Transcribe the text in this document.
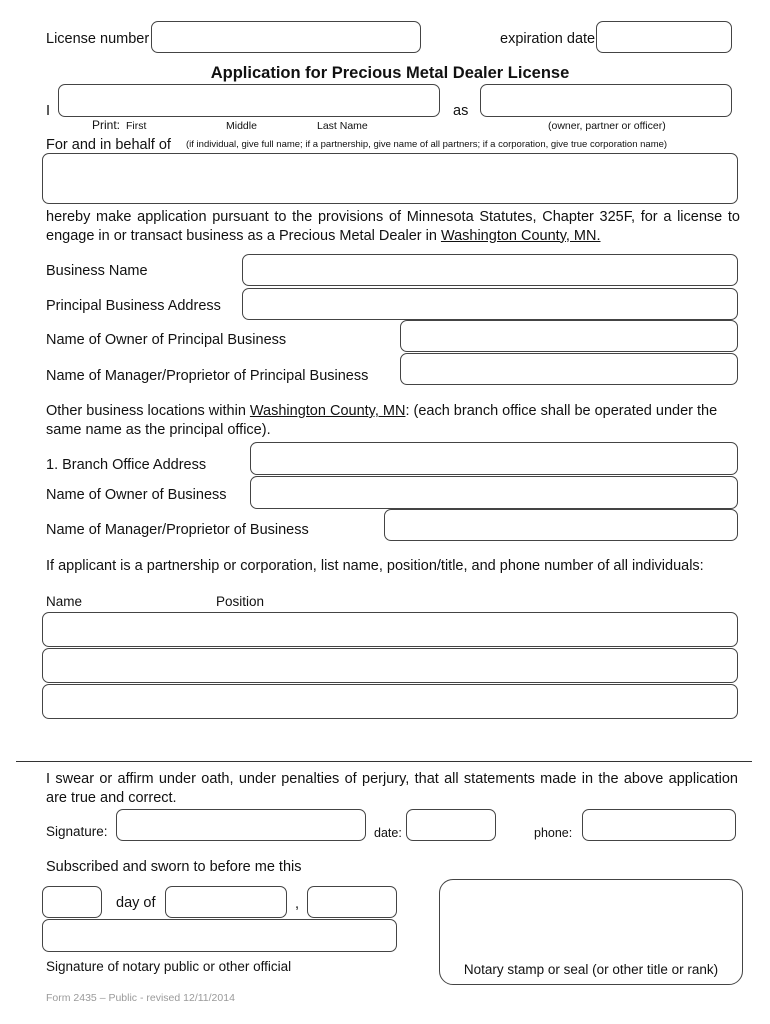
License number	expiration date
Application for Precious Metal Dealer License
I	as
Print: First	Middle	Last Name	(owner, partner or officer)
For and in behalf of (if individual, give full name; if a partnership, give name of all partners; if a corporation, give true corporation name)
hereby make application pursuant to the provisions of Minnesota Statutes, Chapter 325F, for a license to engage in or transact business as a Precious Metal Dealer in Washington County, MN.
Business Name
Principal Business Address
Name of Owner of Principal Business
Name of Manager/Proprietor of Principal Business
Other business locations within Washington County, MN: (each branch office shall be operated under the same name as the principal office).
1. Branch Office Address
Name of Owner of Business
Name of Manager/Proprietor of Business
If applicant is a partnership or corporation, list name, position/title, and phone number of all individuals:
Name	Position
I swear or affirm under oath, under penalties of perjury, that all statements made in the above application are true and correct.
Signature:	date:	phone:
Subscribed and sworn to before me this
day of	,
Signature of notary public or other official	Notary stamp or seal (or other title or rank)
Form 2435 – Public - revised 12/11/2014
